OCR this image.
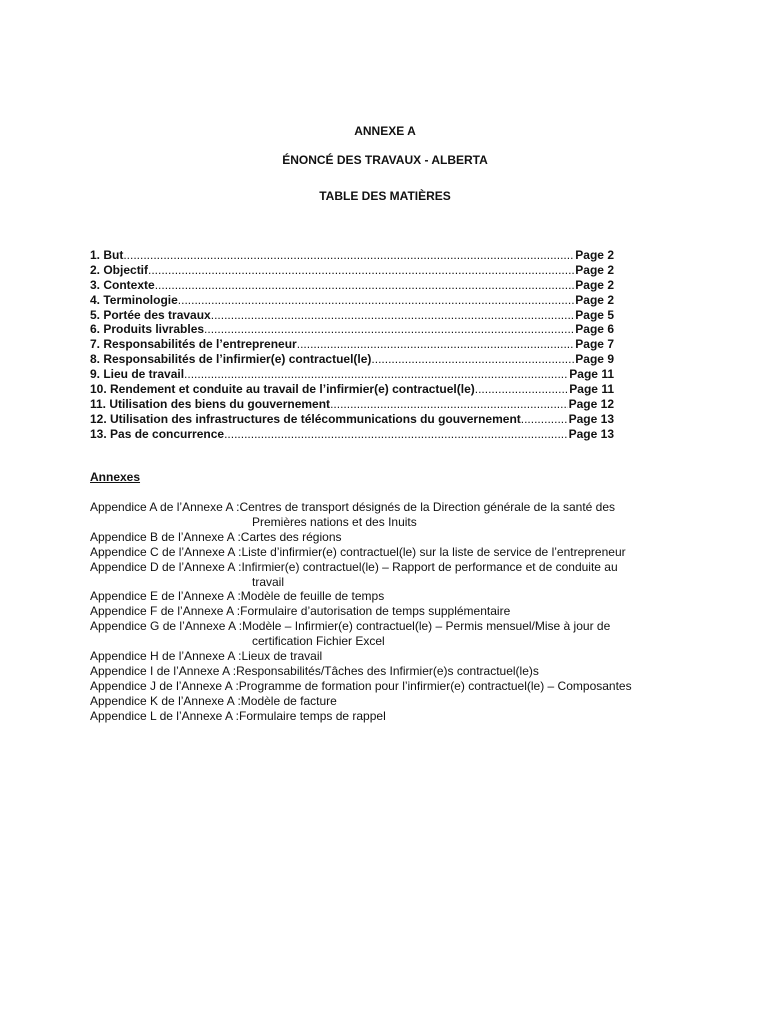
ANNEXE A
ÉNONCÉ DES TRAVAUX - ALBERTA
TABLE DES MATIÈRES
1. But .....	Page 2
2. Objectif .....	Page 2
3. Contexte .....	Page 2
4. Terminologie .....	Page 2
5. Portée des travaux .....	Page 5
6. Produits livrables .....	Page 6
7. Responsabilités de l’entrepreneur .....	Page 7
8. Responsabilités de l’infirmier(e) contractuel(le) .....	Page 9
9. Lieu de travail .....	Page 11
10. Rendement et conduite au travail de l’infirmier(e) contractuel(le) .....	Page 11
11. Utilisation des biens du gouvernement .....	Page 12
12. Utilisation des infrastructures de télécommunications du gouvernement .....	Page 13
13. Pas de concurrence .....	Page 13
Annexes
Appendice A de l’Annexe A : Centres de transport désignés de la Direction générale de la santé des
Premières nations et des Inuits
Appendice B de l’Annexe A : Cartes des régions
Appendice C de l’Annexe A : Liste d’infirmier(e) contractuel(le) sur la liste de service de l’entrepreneur
Appendice D de l’Annexe A : Infirmier(e) contractuel(le) – Rapport de performance et de conduite au
travail
Appendice E de l’Annexe A : Modèle de feuille de temps
Appendice F de l’Annexe A : Formulaire d’autorisation de temps supplémentaire
Appendice G de l’Annexe A : Modèle – Infirmier(e) contractuel(le) – Permis mensuel/Mise à jour de
certification Fichier Excel
Appendice H de l’Annexe A : Lieux de travail
Appendice I de l’Annexe A : Responsabilités/Tâches des Infirmier(e)s contractuel(le)s
Appendice J de l’Annexe A : Programme de formation pour l’infirmier(e) contractuel(le) – Composantes
Appendice K de l’Annexe A : Modèle de facture
Appendice L de l’Annexe A : Formulaire temps de rappel
